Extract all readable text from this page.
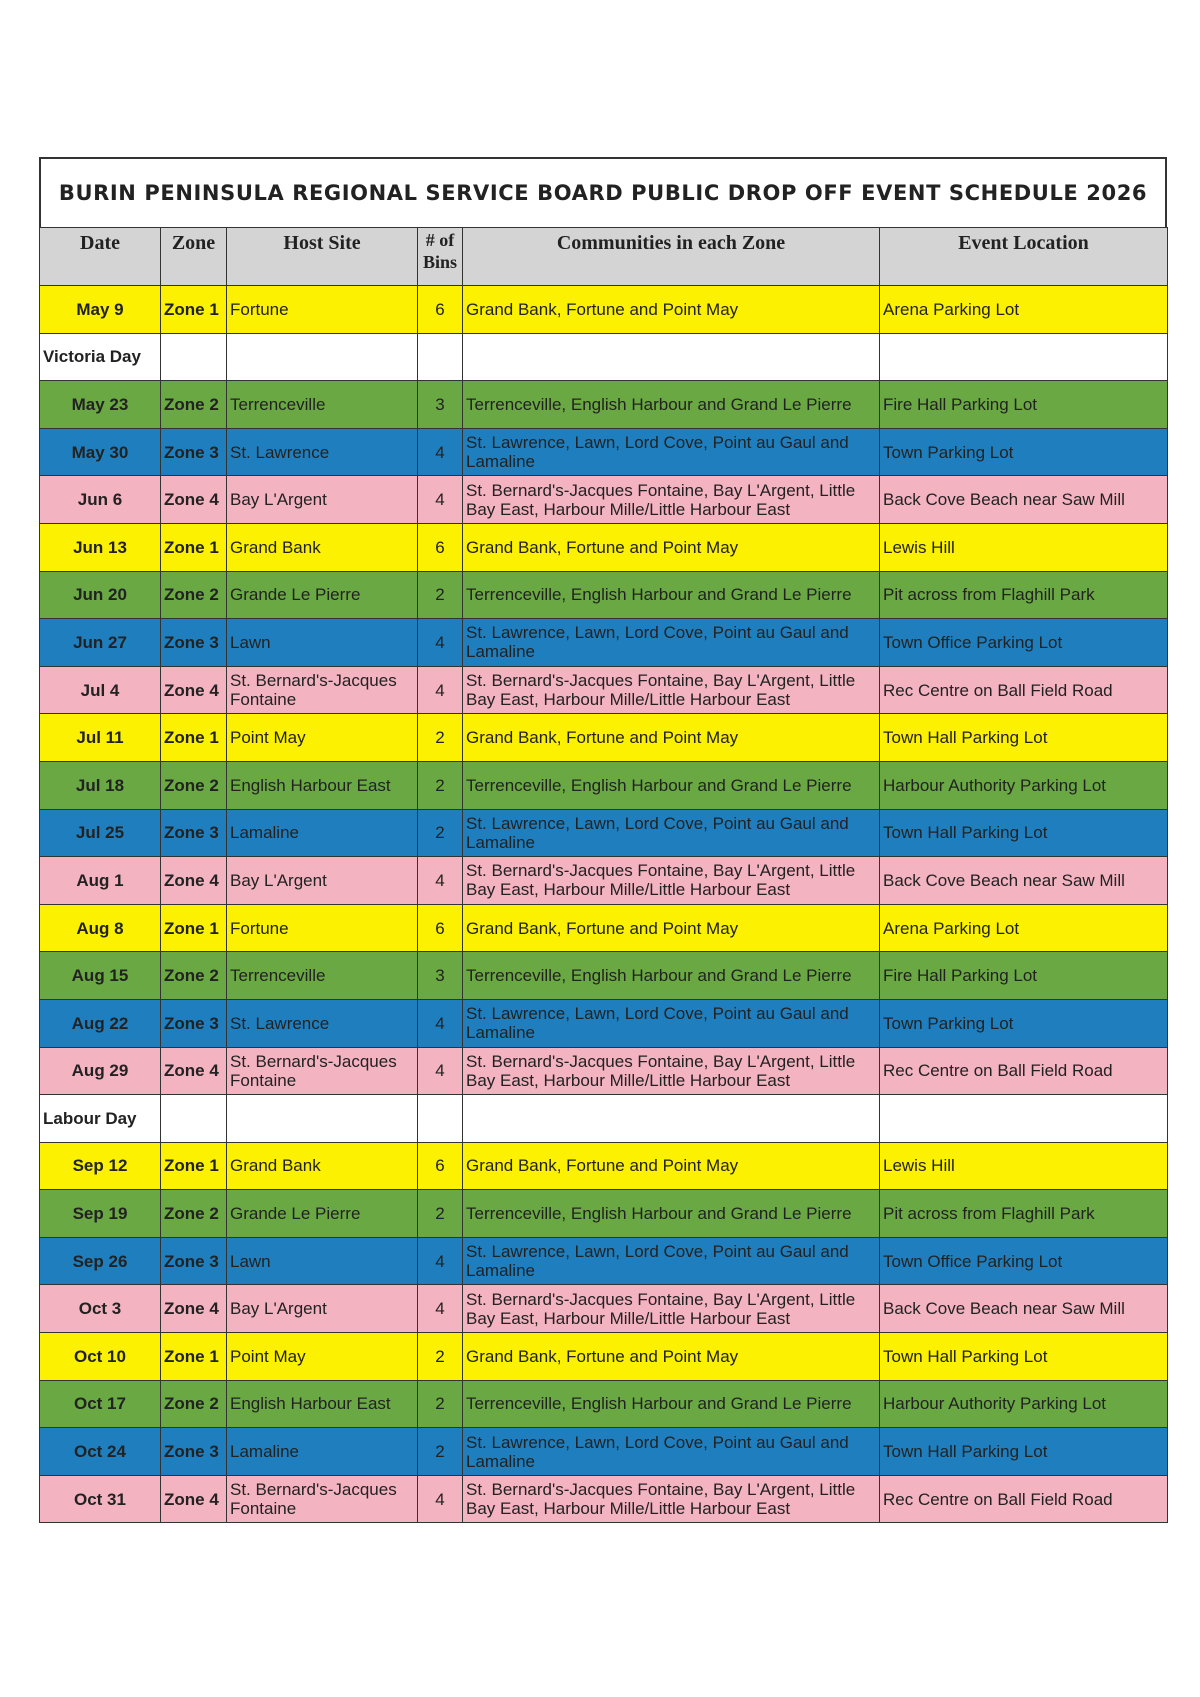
BURIN PENINSULA REGIONAL SERVICE BOARD PUBLIC DROP OFF EVENT SCHEDULE 2026
Date	Zone	Host Site	# of Bins	Communities in each Zone	Event Location
May 9	Zone 1	Fortune	6	Grand Bank, Fortune and Point May	Arena Parking Lot
Victoria Day					
May 23	Zone 2	Terrenceville	3	Terrenceville, English Harbour and Grand Le Pierre	Fire Hall Parking Lot
May 30	Zone 3	St. Lawrence	4	St. Lawrence, Lawn, Lord Cove, Point au Gaul and Lamaline	Town Parking Lot
Jun 6	Zone 4	Bay L'Argent	4	St. Bernard's-Jacques Fontaine, Bay L'Argent, Little Bay East, Harbour Mille/Little Harbour East	Back Cove Beach near Saw Mill
Jun 13	Zone 1	Grand Bank	6	Grand Bank, Fortune and Point May	Lewis Hill
Jun 20	Zone 2	Grande Le Pierre	2	Terrenceville, English Harbour and Grand Le Pierre	Pit across from Flaghill Park
Jun 27	Zone 3	Lawn	4	St. Lawrence, Lawn, Lord Cove, Point au Gaul and Lamaline	Town Office Parking Lot
Jul 4	Zone 4	St. Bernard's-Jacques Fontaine	4	St. Bernard's-Jacques Fontaine, Bay L'Argent, Little Bay East, Harbour Mille/Little Harbour East	Rec Centre on Ball Field Road
Jul 11	Zone 1	Point May	2	Grand Bank, Fortune and Point May	Town Hall Parking Lot
Jul 18	Zone 2	English Harbour East	2	Terrenceville, English Harbour and Grand Le Pierre	Harbour Authority Parking Lot
Jul 25	Zone 3	Lamaline	2	St. Lawrence, Lawn, Lord Cove, Point au Gaul and Lamaline	Town Hall Parking Lot
Aug 1	Zone 4	Bay L'Argent	4	St. Bernard's-Jacques Fontaine, Bay L'Argent, Little Bay East, Harbour Mille/Little Harbour East	Back Cove Beach near Saw Mill
Aug 8	Zone 1	Fortune	6	Grand Bank, Fortune and Point May	Arena Parking Lot
Aug 15	Zone 2	Terrenceville	3	Terrenceville, English Harbour and Grand Le Pierre	Fire Hall Parking Lot
Aug 22	Zone 3	St. Lawrence	4	St. Lawrence, Lawn, Lord Cove, Point au Gaul and Lamaline	Town Parking Lot
Aug 29	Zone 4	St. Bernard's-Jacques Fontaine	4	St. Bernard's-Jacques Fontaine, Bay L'Argent, Little Bay East, Harbour Mille/Little Harbour East	Rec Centre on Ball Field Road
Labour Day					
Sep 12	Zone 1	Grand Bank	6	Grand Bank, Fortune and Point May	Lewis Hill
Sep 19	Zone 2	Grande Le Pierre	2	Terrenceville, English Harbour and Grand Le Pierre	Pit across from Flaghill Park
Sep 26	Zone 3	Lawn	4	St. Lawrence, Lawn, Lord Cove, Point au Gaul and Lamaline	Town Office Parking Lot
Oct 3	Zone 4	Bay L'Argent	4	St. Bernard's-Jacques Fontaine, Bay L'Argent, Little Bay East, Harbour Mille/Little Harbour East	Back Cove Beach near Saw Mill
Oct 10	Zone 1	Point May	2	Grand Bank, Fortune and Point May	Town Hall Parking Lot
Oct 17	Zone 2	English Harbour East	2	Terrenceville, English Harbour and Grand Le Pierre	Harbour Authority Parking Lot
Oct 24	Zone 3	Lamaline	2	St. Lawrence, Lawn, Lord Cove, Point au Gaul and Lamaline	Town Hall Parking Lot
Oct 31	Zone 4	St. Bernard's-Jacques Fontaine	4	St. Bernard's-Jacques Fontaine, Bay L'Argent, Little Bay East, Harbour Mille/Little Harbour East	Rec Centre on Ball Field Road
